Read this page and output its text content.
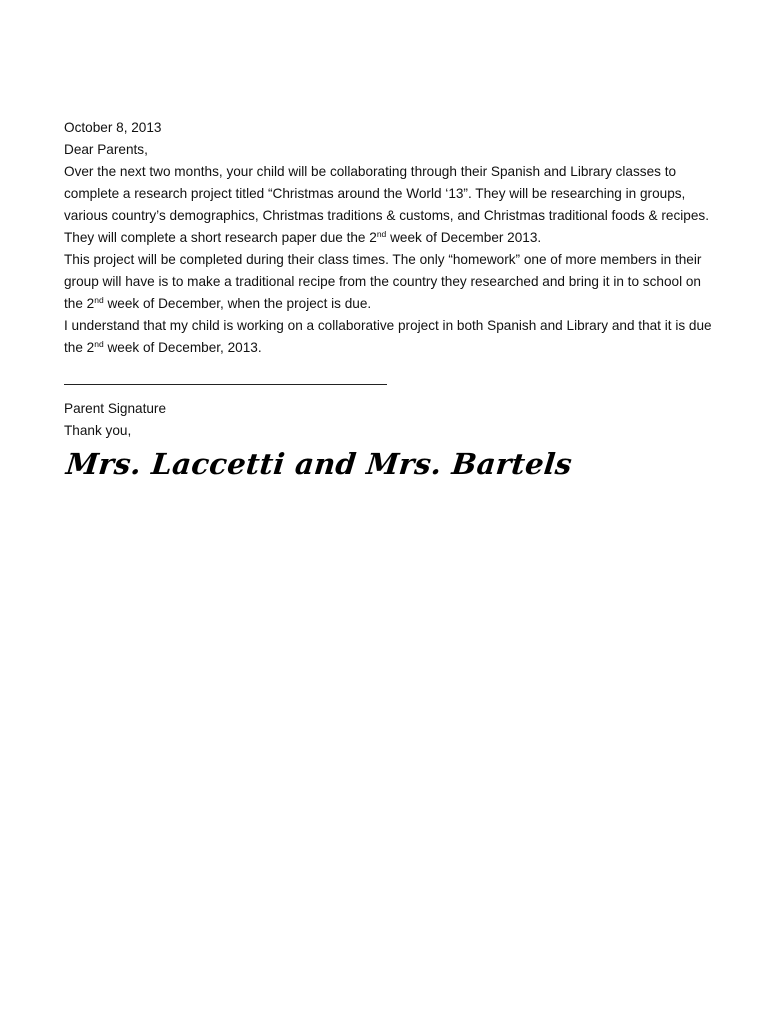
October 8, 2013

Dear Parents,

Over the next two months, your child will be collaborating through their Spanish and Library classes to complete a research project titled “Christmas around the World ‘13”. They will be researching in groups, various country’s demographics, Christmas traditions & customs, and Christmas traditional foods & recipes. They will complete a short research paper due the 2nd week of December 2013.

This project will be completed during their class times. The only “homework” one of more members in their group will have is to make a traditional recipe from the country they researched and bring it in to school on the 2nd week of December, when the project is due.

I understand that my child is working on a collaborative project in both Spanish and Library and that it is due the 2nd week of December, 2013.

Parent Signature

Thank you,

Mrs. Laccetti and Mrs. Bartels
